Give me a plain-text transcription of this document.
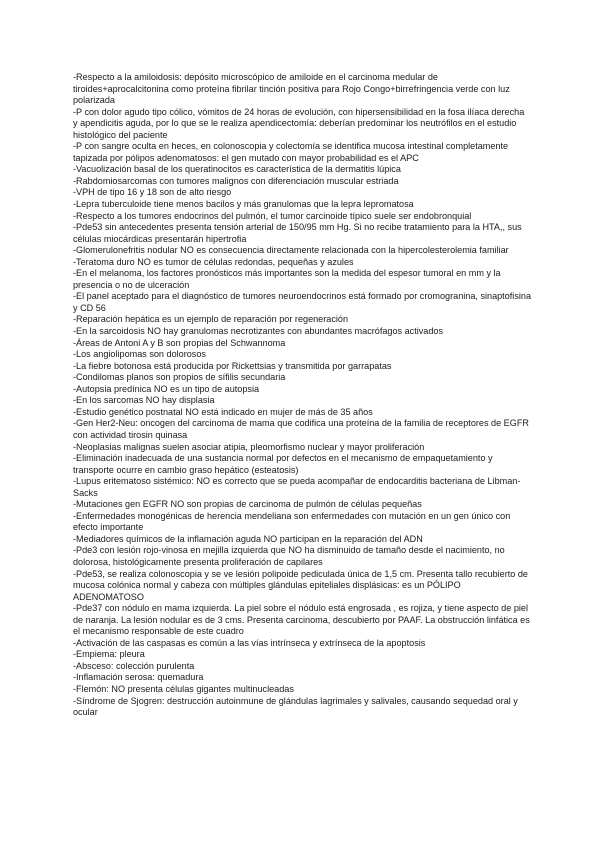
-Respecto a la amiloidosis: depósito microscópico de amiloide en el carcinoma medular de tiroides+aprocalcitonina como proteína fibrilar tinción positiva para Rojo Congo+birrefringencia verde con luz polarizada

-P con dolor agudo tipo cólico, vómitos de 24 horas de evolución, con hipersensibilidad en la fosa ilíaca derecha y apendicitis aguda, por lo que se le realiza apendicectomía: deberían predominar los neutrófilos en el estudio histológico del paciente

-P con sangre oculta en heces, en colonoscopia y colectomía se identifica mucosa intestinal completamente tapizada por pólipos adenomatosos: el gen mutado con mayor probabilidad es el APC

-Vacuolización basal de los queratinocitos es característica de la dermatitis lúpica

-Rabdomiosarcomas con tumores malignos con diferenciación muscular estriada

-VPH de tipo 16 y 18 son de alto riesgo

-Lepra tuberculoide tiene menos bacilos y más granulomas que la lepra lepromatosa

-Respecto a los tumores endocrinos del pulmón, el tumor carcinoide típico suele ser endobronquial

-Pde53 sin antecedentes presenta tensión arterial de 150/95 mm Hg. Si no recibe tratamiento para la HTA,, sus células miocárdicas presentarán hipertrofia

-Glomerulonefritis nodular NO es consecuencia directamente relacionada con la hipercolesterolemia familiar

-Teratoma duro NO es tumor de células redondas, pequeñas y azules

-En el melanoma, los factores pronósticos más importantes son la medida del espesor tumoral en mm y la presencia o no de ulceración

-El panel aceptado para el diagnóstico de tumores neuroendocrinos está formado por cromogranina, sinaptofisina y CD 56

-Reparación hepática es un ejemplo de reparación por regeneración

-En la sarcoidosis NO hay granulomas necrotizantes con abundantes macrófagos activados

-Áreas de Antoni A y B son propias del Schwannoma

-Los angiolipomas son dolorosos

-La fiebre botonosa está producida por Rickettsias y transmitida por garrapatas

-Condilomas planos son propios de sífilis secundaria

-Autopsia predínica NO es un tipo de autopsia

-En los sarcomas NO hay displasia

-Estudio genético postnatal NO está indicado en mujer de más de 35 años

-Gen Her2-Neu: oncogen del carcinoma de mama que codifica una proteína de la familia de receptores de EGFR con actividad tirosin quinasa

-Neoplasias malignas suelen asociar atipia, pleomorfismo nuclear y mayor proliferación

-Eliminación inadecuada de una sustancia normal por defectos en el mecanismo de empaquetamiento y transporte ocurre en cambio graso hepático (esteatosis)

-Lupus eritematoso sistémico: NO es correcto que se pueda acompañar de endocarditis bacteriana de Libman-Sacks

-Mutaciones gen EGFR NO son propias de carcinoma de pulmón de células pequeñas

-Enfermedades monogénicas de herencia mendeliana son enfermedades con mutación en un gen único con efecto importante

-Mediadores químicos de la inflamación aguda NO participan en la reparación del ADN

-Pde3 con lesión rojo-vinosa en mejilla izquierda que NO ha disminuido de tamaño desde el nacimiento, no dolorosa, histológicamente presenta proliferación de capilares

-Pde53, se realiza colonoscopia y se ve lesión polipoide pediculada única de 1,5 cm. Presenta tallo recubierto de mucosa colónica normal y cabeza con múltiples glándulas epiteliales displásicas: es un PÓLIPO ADENOMATOSO

-Pde37 con nódulo en mama izquierda. La piel sobre el nódulo está engrosada , es rojiza, y tiene aspecto de piel de naranja. La lesión nodular es de 3 cms. Presenta carcinoma, descubierto por PAAF. La obstrucción linfática es el mecanismo responsable de este cuadro

-Activación de las caspasas es común a las vías intrínseca y extrínseca de la apoptosis

-Empiema: pleura

-Absceso: colección purulenta

-Inflamación serosa: quemadura

-Flemón: NO presenta células gigantes multinucleadas

-Síndrome de Sjogren: destrucción autoinmune de glándulas lagrimales y salivales, causando sequedad oral y ocular
